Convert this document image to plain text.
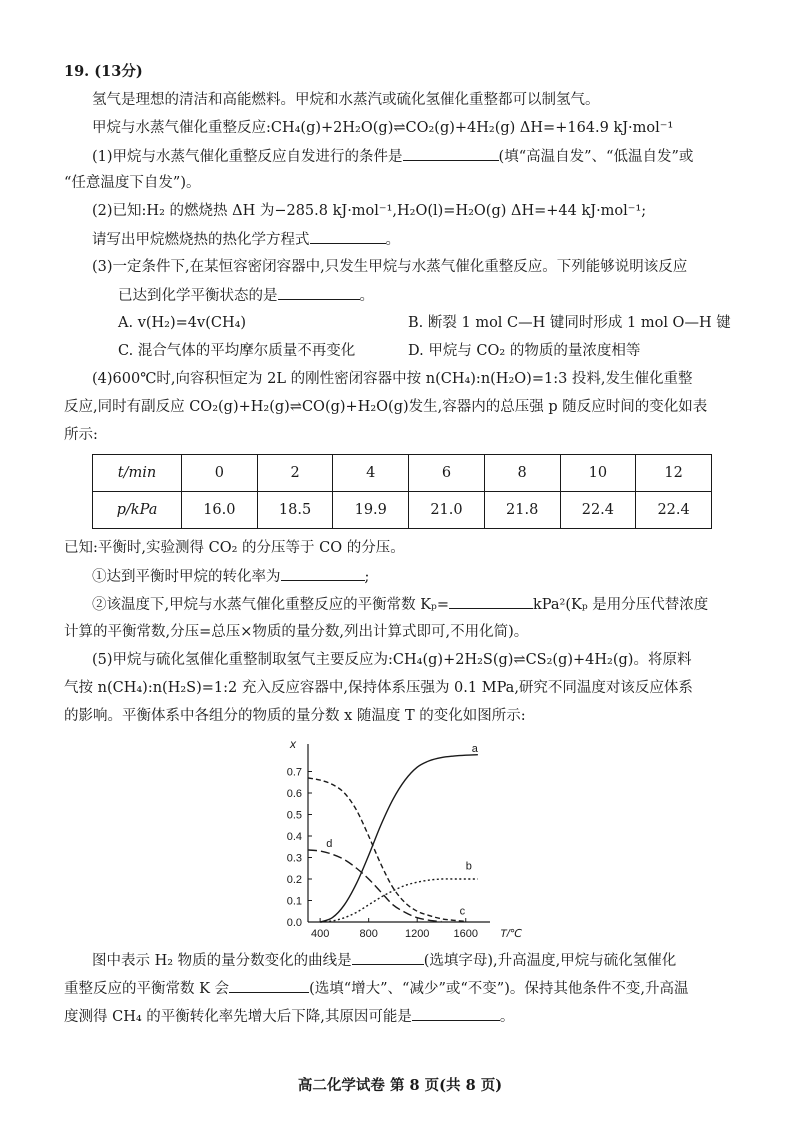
19. (13分)
氢气是理想的清洁和高能燃料。甲烷和水蒸汽或硫化氢催化重整都可以制氢气。
甲烷与水蒸气催化重整反应:CH₄(g)+2H₂O(g)⇌CO₂(g)+4H₂(g) ΔH=+164.9 kJ·mol⁻¹
(1)甲烷与水蒸气催化重整反应自发进行的条件是	(填“高温自发”、“低温自发”或
“任意温度下自发”)。
(2)已知:H₂ 的燃烧热 ΔH 为−285.8 kJ·mol⁻¹,H₂O(l)=H₂O(g) ΔH=+44 kJ·mol⁻¹;
请写出甲烷燃烧热的热化学方程式	。
(3)一定条件下,在某恒容密闭容器中,只发生甲烷与水蒸气催化重整反应。下列能够说明该反应
已达到化学平衡状态的是	。
A. v(H₂)=4v(CH₄)	B. 断裂 1 mol C—H 键同时形成 1 mol O—H 键
C. 混合气体的平均摩尔质量不再变化	D. 甲烷与 CO₂ 的物质的量浓度相等
(4)600℃时,向容积恒定为 2L 的刚性密闭容器中按 n(CH₄):n(H₂O)=1:3 投料,发生催化重整
反应,同时有副反应 CO₂(g)+H₂(g)⇌CO(g)+H₂O(g)发生,容器内的总压强 p 随反应时间的变化如表
所示:
t/min	0	2	4	6	8	10	12
p/kPa	16.0	18.5	19.9	21.0	21.8	22.4	22.4
已知:平衡时,实验测得 CO₂ 的分压等于 CO 的分压。
①达到平衡时甲烷的转化率为	;
②该温度下,甲烷与水蒸气催化重整反应的平衡常数 Kₚ=	kPa²(Kₚ 是用分压代替浓度
计算的平衡常数,分压=总压×物质的量分数,列出计算式即可,不用化简)。
(5)甲烷与硫化氢催化重整制取氢气主要反应为:CH₄(g)+2H₂S(g)⇌CS₂(g)+4H₂(g)。将原料
气按 n(CH₄):n(H₂S)=1:2 充入反应容器中,保持体系压强为 0.1 MPa,研究不同温度对该反应体系
的影响。平衡体系中各组分的物质的量分数 x 随温度 T 的变化如图所示:
0.0
0.1
0.2
0.3
0.4
0.5
0.6
0.7
400	800 1200 1600 T/℃
x	a
b
c
d
图中表示 H₂ 物质的量分数变化的曲线是	(选填字母),升高温度,甲烷与硫化氢催化
重整反应的平衡常数 K 会	(选填“增大”、“减少”或“不变”)。保持其他条件不变,升高温
度测得 CH₄ 的平衡转化率先增大后下降,其原因可能是	。
高二化学试卷 第 8 页(共 8 页)
